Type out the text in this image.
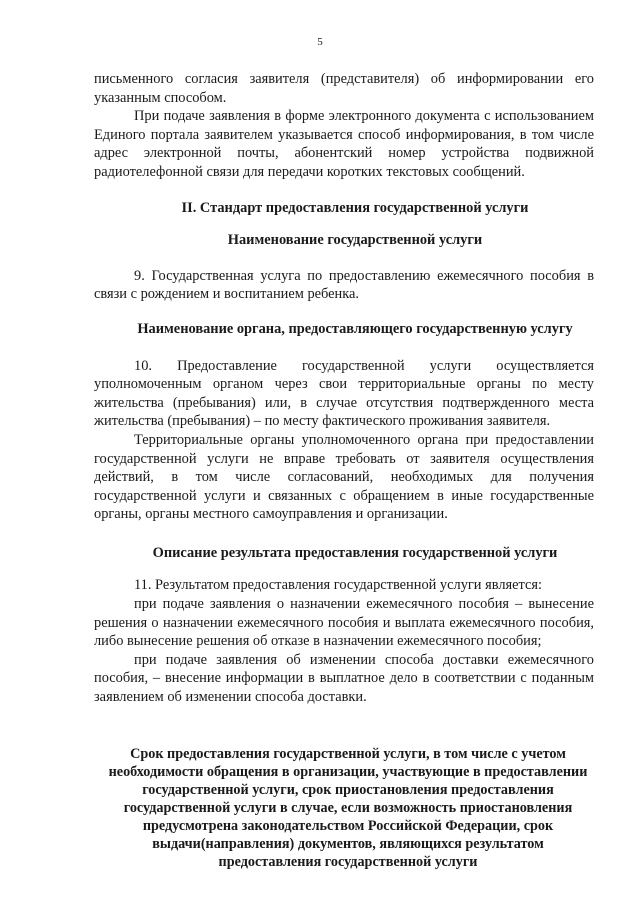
5

письменного согласия заявителя (представителя) об информировании его указанным способом.

При подаче заявления в форме электронного документа с использованием Единого портала заявителем указывается способ информирования, в том числе адрес электронной почты, абонентский номер устройства подвижной радиотелефонной связи для передачи коротких текстовых сообщений.

II. Стандарт предоставления государственной услуги
Наименование государственной услуги

9. Государственная услуга по предоставлению ежемесячного пособия в связи с рождением и воспитанием ребенка.

Наименование органа, предоставляющего государственную услугу

10. Предоставление государственной услуги осуществляется уполномоченным органом через свои территориальные органы по месту жительства (пребывания) или, в случае отсутствия подтвержденного места жительства (пребывания) – по месту фактического проживания заявителя.

Территориальные органы уполномоченного органа при предоставлении государственной услуги не вправе требовать от заявителя осуществления действий, в том числе согласований, необходимых для получения государственной услуги и связанных с обращением в иные государственные органы, органы местного самоуправления и организации.

Описание результата предоставления государственной услуги

11. Результатом предоставления государственной услуги является:

при подаче заявления о назначении ежемесячного пособия – вынесение решения о назначении ежемесячного пособия и выплата ежемесячного пособия, либо вынесение решения об отказе в назначении ежемесячного пособия;

при подаче заявления об изменении способа доставки ежемесячного пособия, – внесение информации в выплатное дело в соответствии с поданным заявлением об изменении способа доставки.

Срок предоставления государственной услуги, в том числе с учетом необходимости обращения в организации, участвующие в предоставлении государственной услуги, срок приостановления предоставления государственной услуги в случае, если возможность приостановления предусмотрена законодательством Российской Федерации, срок выдачи(направления) документов, являющихся результатом предоставления государственной услуги
